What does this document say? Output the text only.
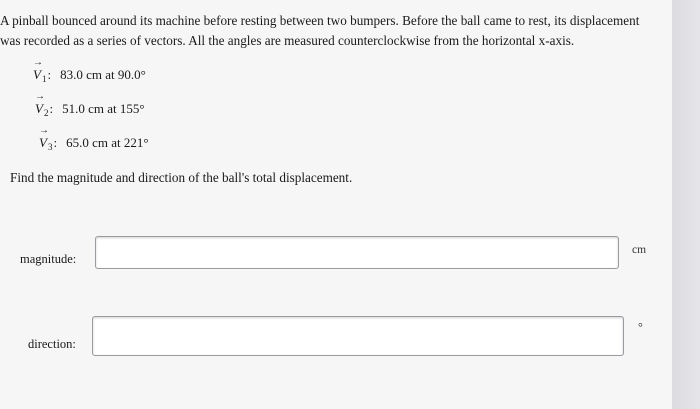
A pinball bounced around its machine before resting between two bumpers. Before the ball came to rest, its displacement was recorded as a series of vectors. All the angles are measured counterclockwise from the horizontal x-axis.

→
V 1 : 83.0 cm at 90.0°
→
V 2 : 51.0 cm at 155°
→
V 3 : 65.0 cm at 221°

Find the magnitude and direction of the ball's total displacement.

magnitude:
cm
direction:
°
